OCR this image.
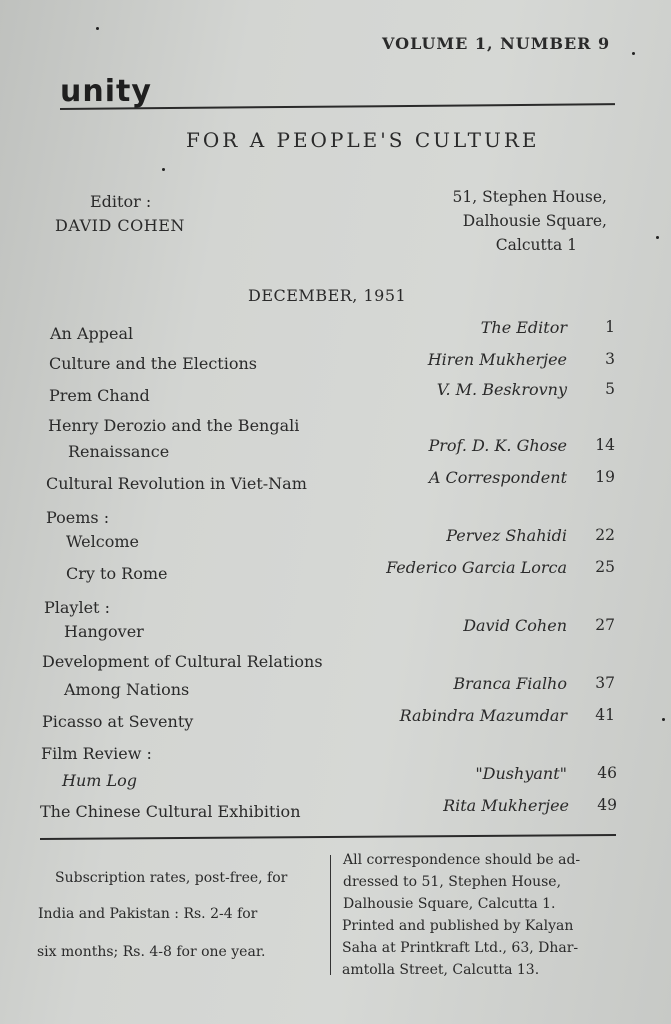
VOLUME 1, NUMBER 9
unity
FOR A PEOPLE'S CULTURE
Editor :
DAVID COHEN
51, Stephen House,
Dalhousie Square,
Calcutta 1
DECEMBER, 1951
An Appeal	The Editor	1
Culture and the Elections	Hiren Mukherjee	3
Prem Chand	V. M. Beskrovny	5
Henry Derozio and the Bengali
Renaissance	Prof. D. K. Ghose	14
Cultural Revolution in Viet-Nam	A Correspondent	19
Poems :
Welcome	Pervez Shahidi	22
Cry to Rome	Federico Garcia Lorca	25
Playlet :
Hangover	David Cohen	27
Development of Cultural Relations
Among Nations	Branca Fialho	37
Picasso at Seventy	Rabindra Mazumdar	41
Film Review :
Hum Log	"Dushyant"	46
The Chinese Cultural Exhibition	Rita Mukherjee	49
Subscription rates, post-free, for
India and Pakistan : Rs. 2-4 for
six months; Rs. 4-8 for one year.
All correspondence should be ad-
dressed to 51, Stephen House,
Dalhousie Square, Calcutta 1.
Printed and published by Kalyan
Saha at Printkraft Ltd., 63, Dhar-
amtolla Street, Calcutta 13.
